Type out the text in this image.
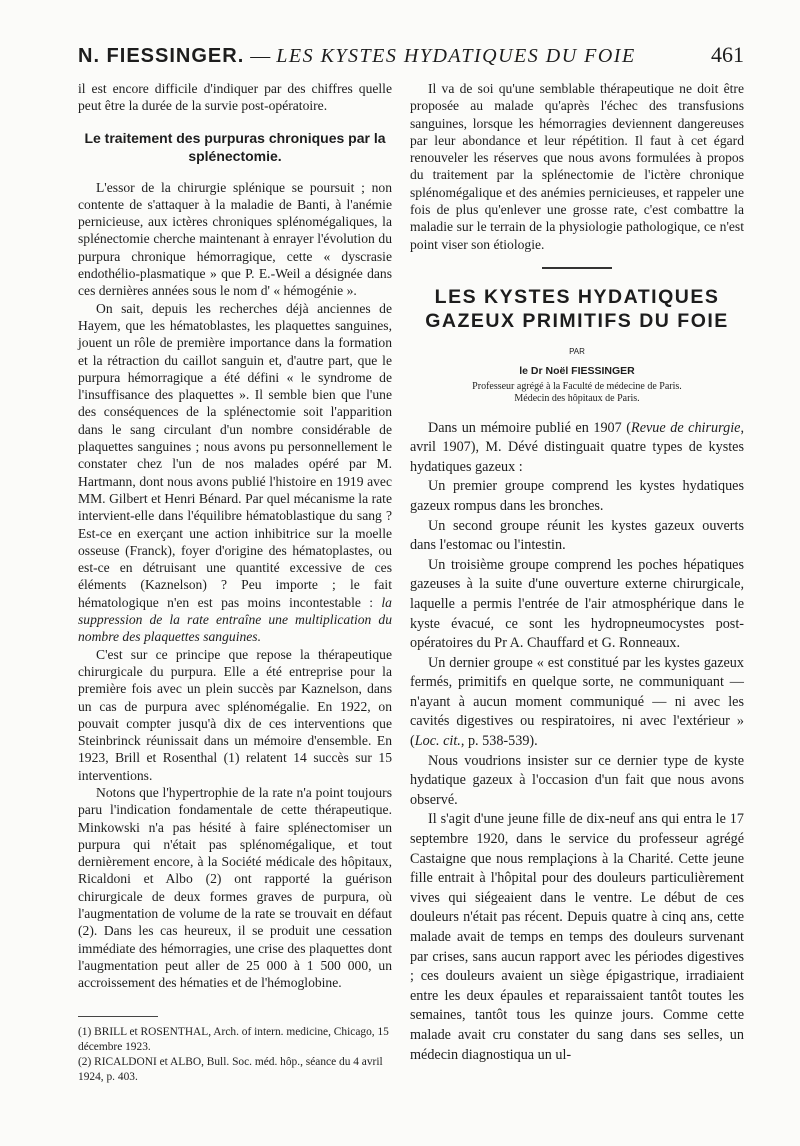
N. FIESSINGER. — LES KYSTES HYDATIQUES DU FOIE	461

il est encore difficile d'indiquer par des chiffres quelle peut être la durée de la survie post-opératoire.

Le traitement des purpuras chroniques par la splénectomie.

L'essor de la chirurgie splénique se poursuit ; non contente de s'attaquer à la maladie de Banti, à l'anémie pernicieuse, aux ictères chroniques splénomégaliques, la splénectomie cherche maintenant à enrayer l'évolution du purpura chronique hémorragique, cette « dyscrasie endothélio-plasmatique » que P. E.-Weil a désignée dans ces dernières années sous le nom d' « hémogénie ».

On sait, depuis les recherches déjà anciennes de Hayem, que les hématoblastes, les plaquettes sanguines, jouent un rôle de première importance dans la formation et la rétraction du caillot sanguin et, d'autre part, que le purpura hémorragique a été défini « le syndrome de l'insuffisance des plaquettes ». Il semble bien que l'une des conséquences de la splénectomie soit l'apparition dans le sang circulant d'un nombre considérable de plaquettes sanguines ; nous avons pu personnellement le constater chez l'un de nos malades opéré par M. Hartmann, dont nous avons publié l'histoire en 1919 avec MM. Gilbert et Henri Bénard. Par quel mécanisme la rate intervient-elle dans l'équilibre hématoblastique du sang ? Est-ce en exerçant une action inhibitrice sur la moelle osseuse (Franck), foyer d'origine des hématoplastes, ou est-ce en détruisant une quantité excessive de ces éléments (Kaznelson) ? Peu importe ; le fait hématologique n'en est pas moins incontestable : la suppression de la rate entraîne une multiplication du nombre des plaquettes sanguines.

C'est sur ce principe que repose la thérapeutique chirurgicale du purpura. Elle a été entreprise pour la première fois avec un plein succès par Kaznelson, dans un cas de purpura avec splénomégalie. En 1922, on pouvait compter jusqu'à dix de ces interventions que Steinbrinck réunissait dans un mémoire d'ensemble. En 1923, Brill et Rosenthal (1) relatent 14 succès sur 15 interventions.

Notons que l'hypertrophie de la rate n'a point toujours paru l'indication fondamentale de cette thérapeutique. Minkowski n'a pas hésité à faire splénectomiser un purpura qui n'était pas splénomégalique, et tout dernièrement encore, à la Société médicale des hôpitaux, Ricaldoni et Albo (2) ont rapporté la guérison chirurgicale de deux formes graves de purpura, où l'augmentation de volume de la rate se trouvait en défaut (2). Dans les cas heureux, il se produit une cessation immédiate des hémorragies, une crise des plaquettes dont l'augmentation peut aller de 25 000 à 1 500 000, un accroissement des hématies et de l'hémoglobine.

(1) BRILL et ROSENTHAL, Arch. of intern. medicine, Chicago, 15 décembre 1923.

(2) RICALDONI et ALBO, Bull. Soc. méd. hôp., séance du 4 avril 1924, p. 403.

Il va de soi qu'une semblable thérapeutique ne doit être proposée au malade qu'après l'échec des transfusions sanguines, lorsque les hémorragies deviennent dangereuses par leur abondance et leur répétition. Il faut à cet égard renouveler les réserves que nous avons formulées à propos du traitement par la splénectomie de l'ictère chronique splénomégalique et des anémies pernicieuses, et rappeler une fois de plus qu'enlever une grosse rate, c'est combattre la maladie sur le terrain de la physiologie pathologique, ce n'est point viser son étiologie.

LES KYSTES HYDATIQUES
GAZEUX PRIMITIFS DU FOIE
PAR
le Dr Noël FIESSINGER
Professeur agrégé à la Faculté de médecine de Paris.
Médecin des hôpitaux de Paris.

Dans un mémoire publié en 1907 (Revue de chirurgie, avril 1907), M. Dévé distinguait quatre types de kystes hydatiques gazeux :

Un premier groupe comprend les kystes hydatiques gazeux rompus dans les bronches.

Un second groupe réunit les kystes gazeux ouverts dans l'estomac ou l'intestin.

Un troisième groupe comprend les poches hépatiques gazeuses à la suite d'une ouverture externe chirurgicale, laquelle a permis l'entrée de l'air atmosphérique dans le kyste évacué, ce sont les hydropneumocystes post-opératoires du Pr A. Chauffard et G. Ronneaux.

Un dernier groupe « est constitué par les kystes gazeux fermés, primitifs en quelque sorte, ne communiquant — n'ayant à aucun moment communiqué — ni avec les cavités digestives ou respiratoires, ni avec l'extérieur » (Loc. cit., p. 538-539).

Nous voudrions insister sur ce dernier type de kyste hydatique gazeux à l'occasion d'un fait que nous avons observé.

Il s'agit d'une jeune fille de dix-neuf ans qui entra le 17 septembre 1920, dans le service du professeur agrégé Castaigne que nous remplaçions à la Charité. Cette jeune fille entrait à l'hôpital pour des douleurs particulièrement vives qui siégeaient dans le ventre. Le début de ces douleurs n'était pas récent. Depuis quatre à cinq ans, cette malade avait de temps en temps des douleurs survenant par crises, sans aucun rapport avec les périodes digestives ; ces douleurs avaient un siège épigastrique, irradiaient entre les deux épaules et reparaissaient tantôt toutes les semaines, tantôt tous les quinze jours. Comme cette malade avait cru constater du sang dans ses selles, un médecin diagnostiqua un ul-
